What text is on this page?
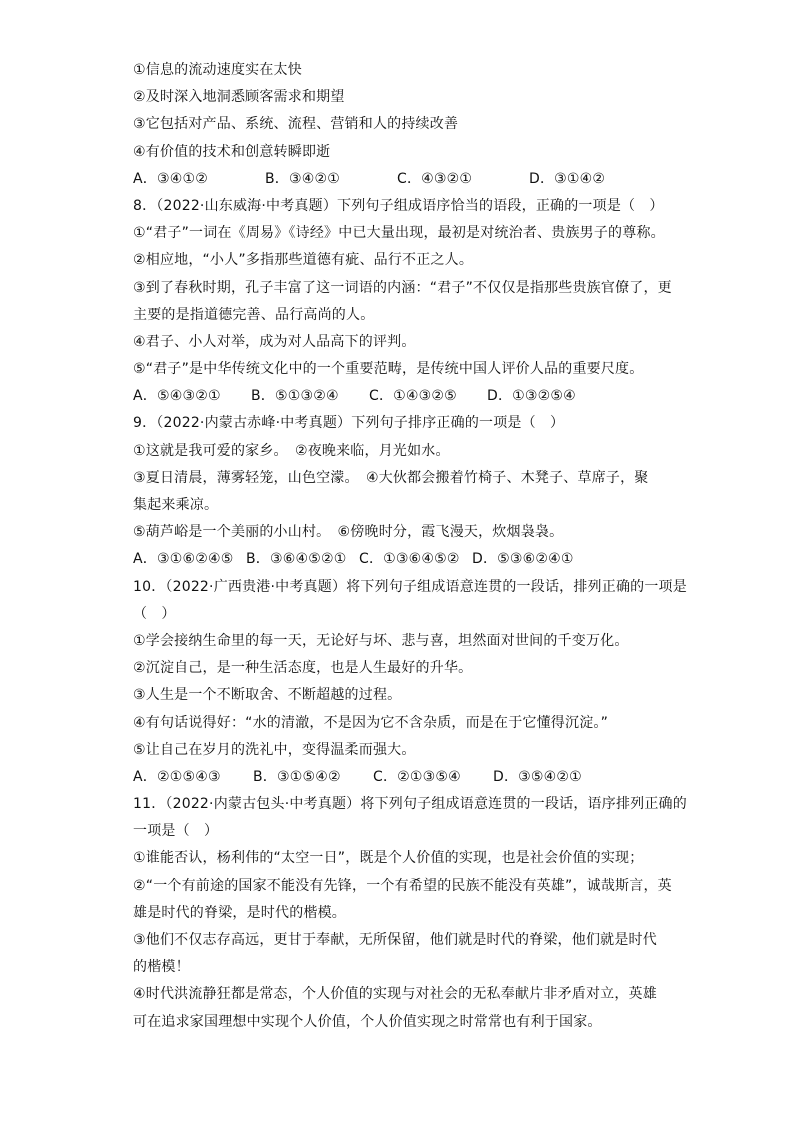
①信息的流动速度实在太快
②及时深入地洞悉顾客需求和期望
③它包括对产品、系统、流程、营销和人的持续改善
④有价值的技术和创意转瞬即逝
A．③④①②	B．③④②①	C．④③②①	D．③①④②
8．（2022·山东威海·中考真题）下列句子组成语序恰当的语段，正确的一项是（　）
①“君子”一词在《周易》《诗经》中已大量出现，最初是对统治者、贵族男子的尊称。
②相应地，“小人”多指那些道德有疵、品行不正之人。
③到了春秋时期，孔子丰富了这一词语的内涵：“君子”不仅仅是指那些贵族官僚了，更
主要的是指道德完善、品行高尚的人。
④君子、小人对举，成为对人品高下的评判。
⑤“君子”是中华传统文化中的一个重要范畴，是传统中国人评价人品的重要尺度。
A．⑤④③②①	B．⑤①③②④	C．①④③②⑤	D．①③②⑤④
9．（2022·内蒙古赤峰·中考真题）下列句子排序正确的一项是（　）
①这就是我可爱的家乡。　②夜晚来临，月光如水。
③夏日清晨，薄雾轻笼，山色空濛。　④大伙都会搬着竹椅子、木凳子、草席子，聚
集起来乘凉。
⑤葫芦峪是一个美丽的小山村。　⑥傍晚时分，霞飞漫天，炊烟袅袅。
A．③①⑥②④⑤ B．③⑥④⑤②① C．①③⑥④⑤② D．⑤③⑥②④①
10．（2022·广西贵港·中考真题）将下列句子组成语意连贯的一段话，排列正确的一项是
（　）
①学会接纳生命里的每一天，无论好与坏、悲与喜，坦然面对世间的千变万化。
②沉淀自己，是一种生活态度，也是人生最好的升华。
③人生是一个不断取舍、不断超越的过程。
④有句话说得好：“水的清澈，不是因为它不含杂质，而是在于它懂得沉淀。”
⑤让自己在岁月的洗礼中，变得温柔而强大。
A．②①⑤④③	B．③①⑤④②	C．②①③⑤④	D．③⑤④②①
11．（2022·内蒙古包头·中考真题）将下列句子组成语意连贯的一段话，语序排列正确的
一项是（　）
①谁能否认，杨利伟的“太空一日”，既是个人价值的实现，也是社会价值的实现；
②“一个有前途的国家不能没有先锋，一个有希望的民族不能没有英雄”，诚哉斯言，英
雄是时代的脊梁，是时代的楷模。
③他们不仅志存高远，更甘于奉献，无所保留，他们就是时代的脊梁，他们就是时代
的楷模！
④时代洪流静狂都是常态，个人价值的实现与对社会的无私奉献片非矛盾对立，英雄
可在追求家国理想中实现个人价值，个人价值实现之时常常也有利于国家。
